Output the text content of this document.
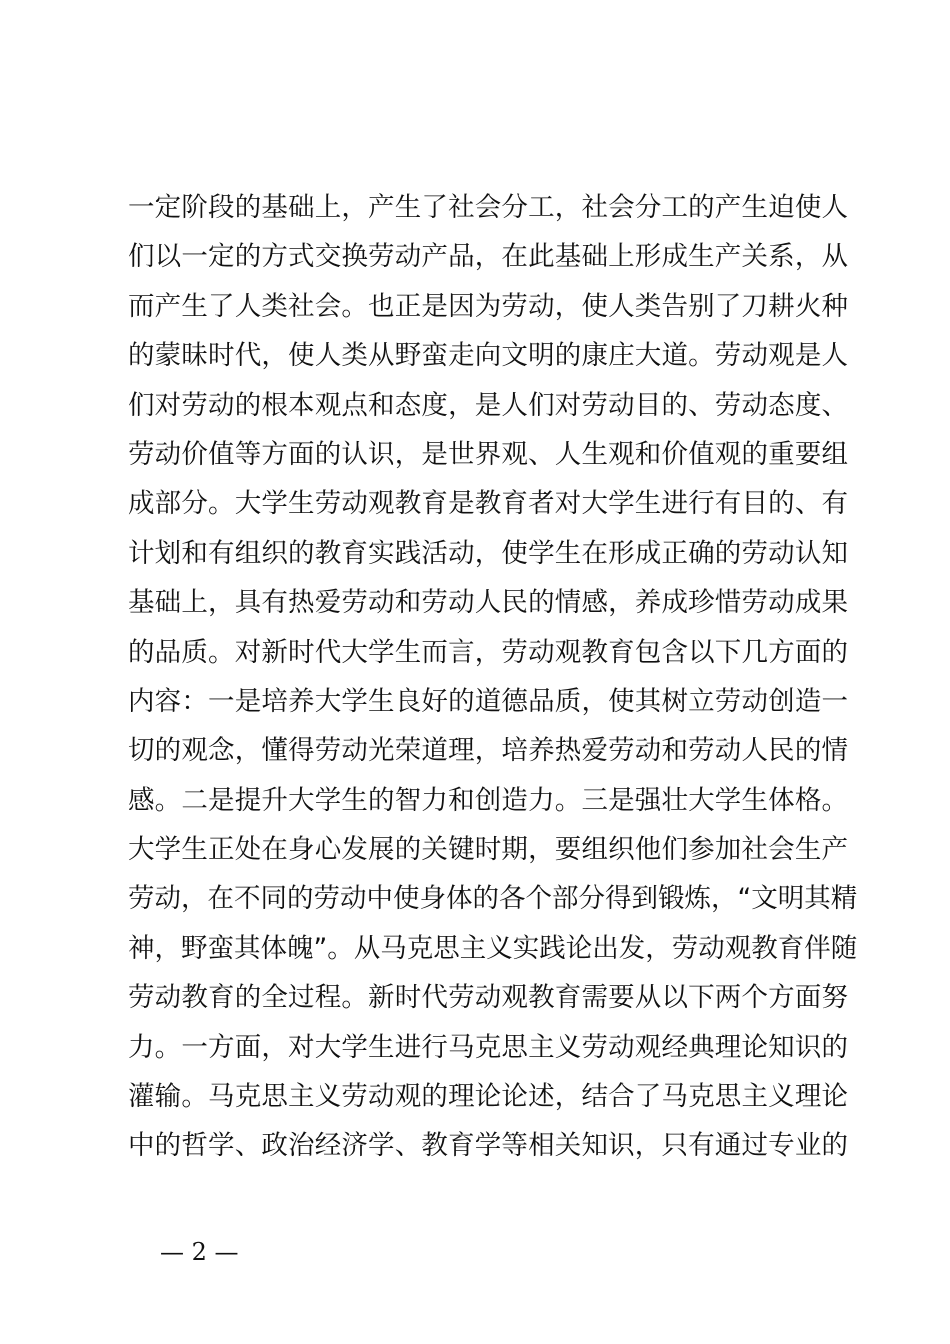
一定阶段的基础上，产生了社会分工，社会分工的产生迫使人
们以一定的方式交换劳动产品，在此基础上形成生产关系，从
而产生了人类社会。也正是因为劳动，使人类告别了刀耕火种
的蒙昧时代，使人类从野蛮走向文明的康庄大道。劳动观是人
们对劳动的根本观点和态度，是人们对劳动目的、劳动态度、
劳动价值等方面的认识，是世界观、人生观和价值观的重要组
成部分。大学生劳动观教育是教育者对大学生进行有目的、有
计划和有组织的教育实践活动，使学生在形成正确的劳动认知
基础上，具有热爱劳动和劳动人民的情感，养成珍惜劳动成果
的品质。对新时代大学生而言，劳动观教育包含以下几方面的
内容：一是培养大学生良好的道德品质，使其树立劳动创造一
切的观念，懂得劳动光荣道理，培养热爱劳动和劳动人民的情
感。二是提升大学生的智力和创造力。三是强壮大学生体格。
大学生正处在身心发展的关键时期，要组织他们参加社会生产
劳动，在不同的劳动中使身体的各个部分得到锻炼，“文明其精
神，野蛮其体魄”。从马克思主义实践论出发，劳动观教育伴随
劳动教育的全过程。新时代劳动观教育需要从以下两个方面努
力。一方面，对大学生进行马克思主义劳动观经典理论知识的
灌输。马克思主义劳动观的理论论述，结合了马克思主义理论
中的哲学、政治经济学、教育学等相关知识，只有通过专业的
— 2 —
